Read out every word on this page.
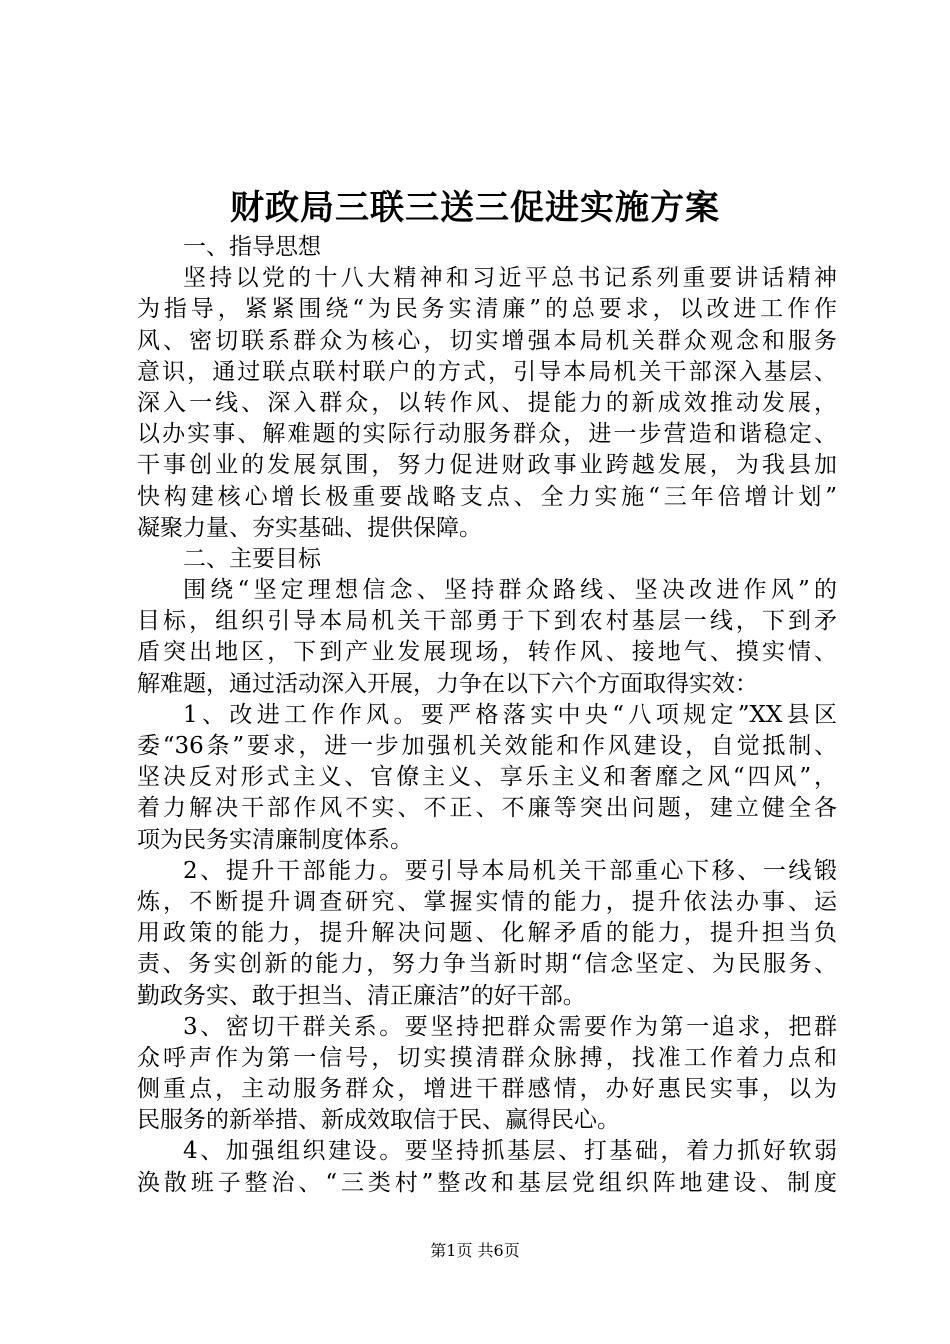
财政局三联三送三促进实施方案
一、指导思想
坚持以党的十八大精神和习近平总书记系列重要讲话精神
为指导，紧紧围绕“为民务实清廉”的总要求，以改进工作作
风、密切联系群众为核心，切实增强本局机关群众观念和服务
意识，通过联点联村联户的方式，引导本局机关干部深入基层、
深入一线、深入群众，以转作风、提能力的新成效推动发展，
以办实事、解难题的实际行动服务群众，进一步营造和谐稳定、
干事创业的发展氛围，努力促进财政事业跨越发展，为我县加
快构建核心增长极重要战略支点、全力实施“三年倍增计划”
凝聚力量、夯实基础、提供保障。
二、主要目标
围绕“坚定理想信念、坚持群众路线、坚决改进作风”的
目标，组织引导本局机关干部勇于下到农村基层一线，下到矛
盾突出地区，下到产业发展现场，转作风、接地气、摸实情、
解难题，通过活动深入开展，力争在以下六个方面取得实效：
1、改进工作作风。要严格落实中央“八项规定”XX县区
委“36条”要求，进一步加强机关效能和作风建设，自觉抵制、
坚决反对形式主义、官僚主义、享乐主义和奢靡之风“四风”，
着力解决干部作风不实、不正、不廉等突出问题，建立健全各
项为民务实清廉制度体系。
2、提升干部能力。要引导本局机关干部重心下移、一线锻
炼，不断提升调查研究、掌握实情的能力，提升依法办事、运
用政策的能力，提升解决问题、化解矛盾的能力，提升担当负
责、务实创新的能力，努力争当新时期“信念坚定、为民服务、
勤政务实、敢于担当、清正廉洁”的好干部。
3、密切干群关系。要坚持把群众需要作为第一追求，把群
众呼声作为第一信号，切实摸清群众脉搏，找准工作着力点和
侧重点，主动服务群众，增进干群感情，办好惠民实事，以为
民服务的新举措、新成效取信于民、赢得民心。
4、加强组织建设。要坚持抓基层、打基础，着力抓好软弱
涣散班子整治、“三类村”整改和基层党组织阵地建设、制度
第1页 共6页
